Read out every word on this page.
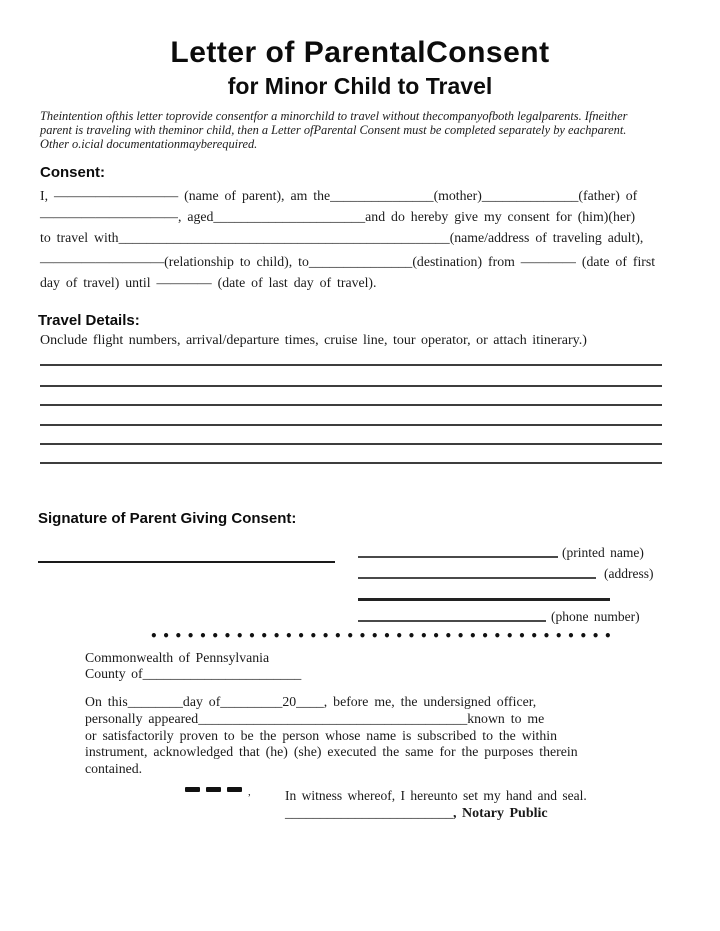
Letter of ParentalConsent
for Minor Child to Travel
Theintention ofthis letter toprovide consentfor a minorchild to travel without thecompanyofboth legalparents. Ifneither
parent is traveling with theminor child, then a Letter ofParental Consent must be completed separately by eachparent.
Other o.icial documentationmayberequired.
Consent:
I, ————————— (name of parent), am the_______________(mother)______________(father) of
——————————, aged______________________and do hereby give my consent for (him)(her)
to travel with________________________________________________(name/address of traveling adult),
—————————(relationship to child), to_______________(destination) from ———— (date of first
day of travel) until ———— (date of last day of travel).
Travel Details:
Onclude flight numbers, arrival/departure times, cruise line, tour operator, or attach itinerary.)
Signature of Parent Giving Consent:
(printed name)
(address)
(phone number)
••••••••••••••••••••••••••••••••••••••
Commonwealth of Pennsylvania
County of_______________________
On this________day of_________20____, before me, the undersigned officer,
personally appeared_______________________________________known to me
or satisfactorily proven to be the person whose name is subscribed to the within
instrument, acknowledged that (he) (she) executed the same for the purposes therein
contained.
,	In witness whereof, I hereunto set my hand and seal.
________________________, Notary Public
